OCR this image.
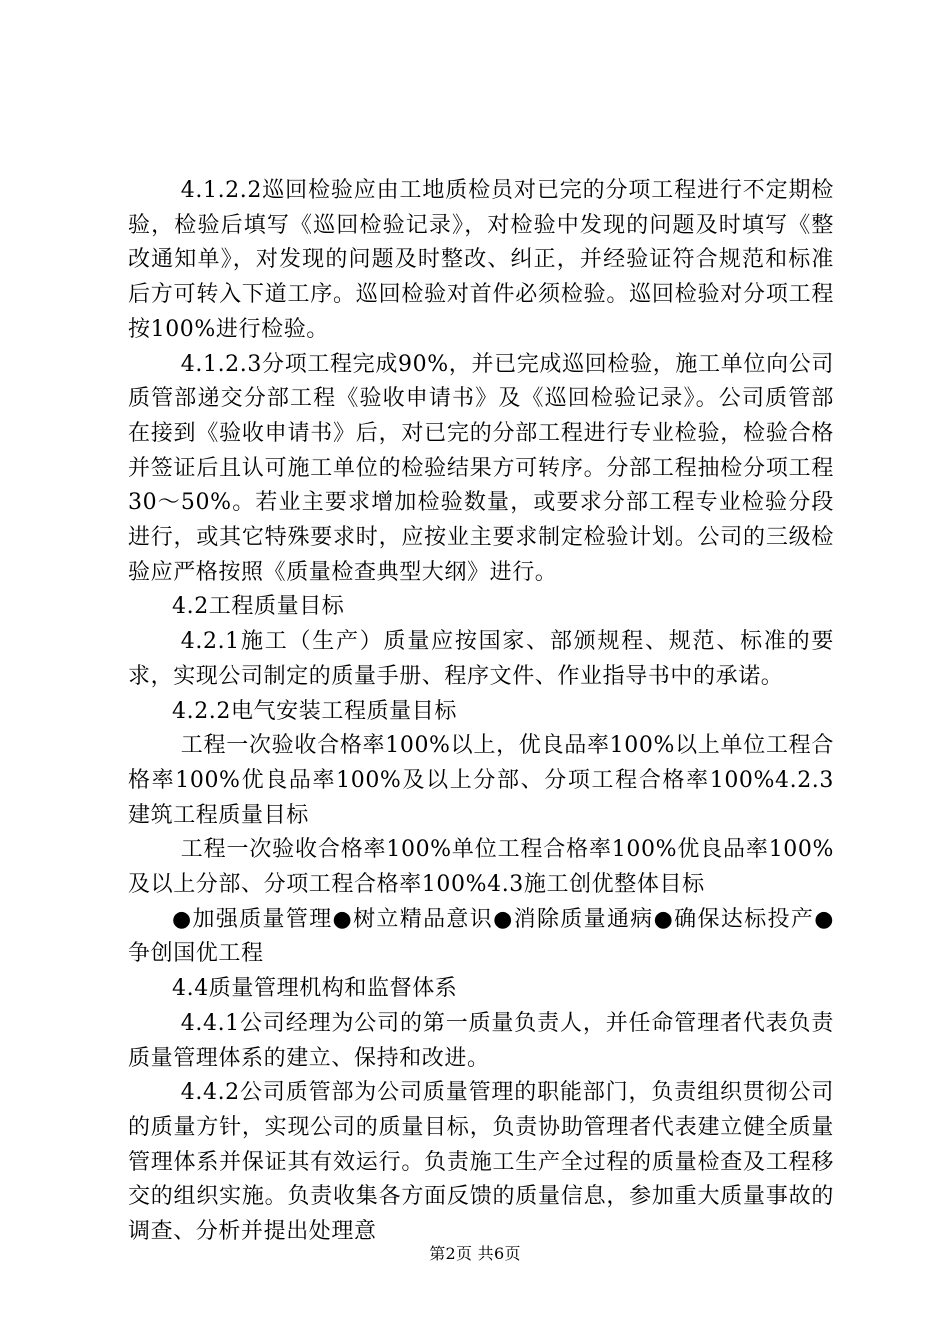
4.1.2.2巡回检验应由工地质检员对已完的分项工程进行不定期检验，检验后填写《巡回检验记录》，对检验中发现的问题及时填写《整改通知单》，对发现的问题及时整改、纠正，并经验证符合规范和标准后方可转入下道工序。巡回检验对首件必须检验。巡回检验对分项工程按100%进行检验。

4.1.2.3分项工程完成90%，并已完成巡回检验，施工单位向公司质管部递交分部工程《验收申请书》及《巡回检验记录》。公司质管部在接到《验收申请书》后，对已完的分部工程进行专业检验，检验合格并签证后且认可施工单位的检验结果方可转序。分部工程抽检分项工程30～50%。若业主要求增加检验数量，或要求分部工程专业检验分段进行，或其它特殊要求时，应按业主要求制定检验计划。公司的三级检验应严格按照《质量检查典型大纲》进行。

4.2工程质量目标

4.2.1施工（生产）质量应按国家、部颁规程、规范、标准的要求，实现公司制定的质量手册、程序文件、作业指导书中的承诺。

4.2.2电气安装工程质量目标

工程一次验收合格率100%以上，优良品率100%以上单位工程合格率100%优良品率100%及以上分部、分项工程合格率100%4.2.3建筑工程质量目标

工程一次验收合格率100%单位工程合格率100%优良品率100%及以上分部、分项工程合格率100%4.3施工创优整体目标

●加强质量管理●树立精品意识●消除质量通病●确保达标投产●争创国优工程

4.4质量管理机构和监督体系

4.4.1公司经理为公司的第一质量负责人，并任命管理者代表负责质量管理体系的建立、保持和改进。

4.4.2公司质管部为公司质量管理的职能部门，负责组织贯彻公司的质量方针，实现公司的质量目标，负责协助管理者代表建立健全质量管理体系并保证其有效运行。负责施工生产全过程的质量检查及工程移交的组织实施。负责收集各方面反馈的质量信息，参加重大质量事故的调查、分析并提出处理意

第2页 共6页
